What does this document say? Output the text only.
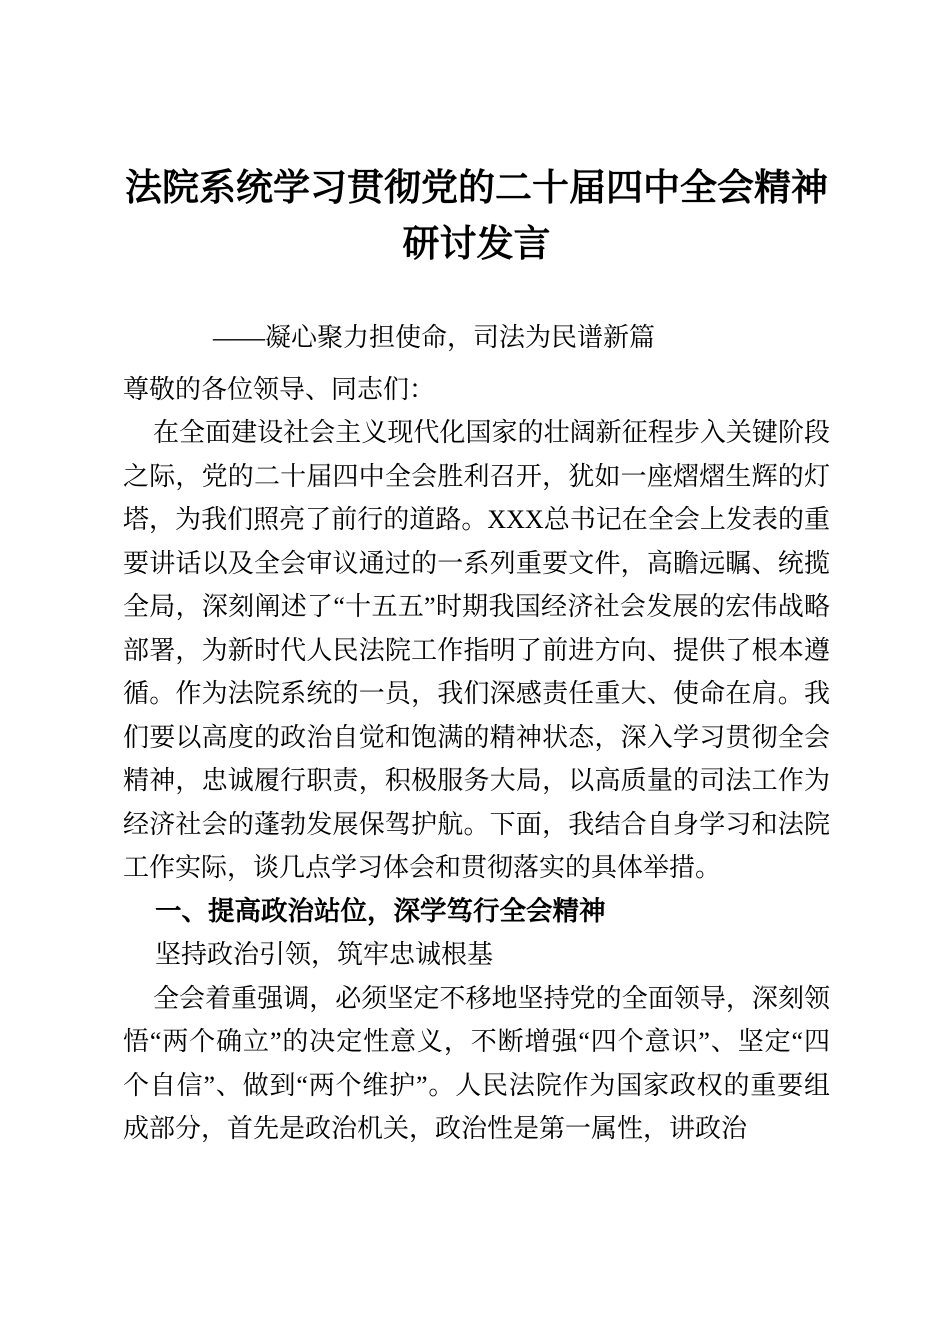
法院系统学习贯彻党的二十届四中全会精神研讨发言

——凝心聚力担使命，司法为民谱新篇

尊敬的各位领导、同志们：

在全面建设社会主义现代化国家的壮阔新征程步入关键阶段之际，党的二十届四中全会胜利召开，犹如一座熠熠生辉的灯塔，为我们照亮了前行的道路。XXX总书记在全会上发表的重要讲话以及全会审议通过的一系列重要文件，高瞻远瞩、统揽全局，深刻阐述了“十五五”时期我国经济社会发展的宏伟战略部署，为新时代人民法院工作指明了前进方向、提供了根本遵循。作为法院系统的一员，我们深感责任重大、使命在肩。我们要以高度的政治自觉和饱满的精神状态，深入学习贯彻全会精神，忠诚履行职责，积极服务大局，以高质量的司法工作为经济社会的蓬勃发展保驾护航。下面，我结合自身学习和法院工作实际，谈几点学习体会和贯彻落实的具体举措。

一、提高政治站位，深学笃行全会精神

坚持政治引领，筑牢忠诚根基

全会着重强调，必须坚定不移地坚持党的全面领导，深刻领悟“两个确立”的决定性意义，不断增强“四个意识”、坚定“四个自信”、做到“两个维护”。人民法院作为国家政权的重要组成部分，首先是政治机关，政治性是第一属性，讲政治
